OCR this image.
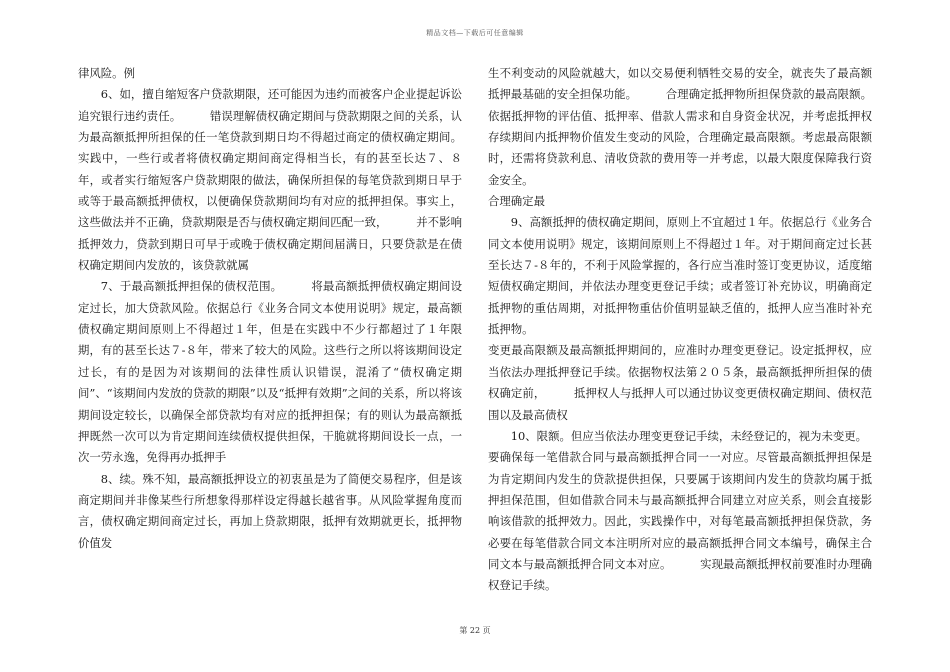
精品文档—下载后可任意编辑

律风险。例

6、如，擅自缩短客户贷款期限，还可能因为违约而被客户企业提起诉讼追究银行违约责任。　　　错误理解债权确定期间与贷款期限之间的关系，认为最高额抵押所担保的任一笔贷款到期日均不得超过商定的债权确定期间。实践中，一些行或者将债权确定期间商定得相当长，有的甚至长达７、８年，或者实行缩短客户贷款期限的做法，确保所担保的每笔贷款到期日早于或等于最高额抵押债权，以便确保贷款期间均有对应的抵押担保。事实上，这些做法并不正确，贷款期限是否与债权确定期间匹配一致，　　　并不影响抵押效力，贷款到期日可早于或晚于债权确定期间届满日，只要贷款是在债权确定期间内发放的，该贷款就属

7、于最高额抵押担保的债权范围。　　　将最高额抵押债权确定期间设定过长，加大贷款风险。依据总行《业务合同文本使用说明》规定，最高额债权确定期间原则上不得超过１年，但是在实践中不少行都超过了１年限期，有的甚至长达７-８年，带来了较大的风险。这些行之所以将该期间设定过长，有的是因为对该期间的法律性质认识错误，混淆了“债权确定期间”、“该期间内发放的贷款的期限”以及“抵押有效期”之间的关系，所以将该期间设定较长，以确保全部贷款均有对应的抵押担保；有的则认为最高额抵押既然一次可以为肯定期间连续债权提供担保，干脆就将期间设长一点，一次一劳永逸，免得再办抵押手

8、续。殊不知，最高额抵押设立的初衷虽是为了简便交易程序，但是该商定期间并非像某些行所想象得那样设定得越长越省事。从风险掌握角度而言，债权确定期间商定过长，再加上贷款期限，抵押有效期就更长，抵押物价值发

生不利变动的风险就越大，如以交易便利牺牲交易的安全，就丧失了最高额抵押最基础的安全担保功能。　　　合理确定抵押物所担保贷款的最高限额。依据抵押物的评估值、抵押率、借款人需求和自身资金状况，并考虑抵押权存续期间内抵押物价值发生变动的风险，合理确定最高限额。考虑最高限额时，还需将贷款利息、清收贷款的费用等一并考虑，以最大限度保障我行资金安全。

合理确定最

9、高额抵押的债权确定期间，原则上不宜超过１年。依据总行《业务合同文本使用说明》规定，该期间原则上不得超过１年。对于期间商定过长甚至长达７-８年的，不利于风险掌握的，各行应当准时签订变更协议，适度缩短债权确定期间，并依法办理变更登记手续；或者签订补充协议，明确商定抵押物的重估周期，对抵押物重估价值明显缺乏值的，抵押人应当准时补充抵押物。

变更最高限额及最高额抵押期间的，应准时办理变更登记。设定抵押权，应当依法办理抵押登记手续。依据物权法第２０５条，最高额抵押所担保的债权确定前，　　　抵押权人与抵押人可以通过协议变更债权确定期间、债权范围以及最高债权

10、限额。但应当依法办理变更登记手续，未经登记的，视为未变更。

要确保每一笔借款合同与最高额抵押合同一一对应。尽管最高额抵押担保是为肯定期间内发生的贷款提供担保，只要属于该期间内发生的贷款均属于抵押担保范围，但如借款合同未与最高额抵押合同建立对应关系，则会直接影响该借款的抵押效力。因此，实践操作中，对每笔最高额抵押担保贷款，务必要在每笔借款合同文本注明所对应的最高额抵押合同文本编号，确保主合同文本与最高额抵押合同文本对应。　　　实现最高额抵押权前要准时办理确权登记手续。

第 22 页
